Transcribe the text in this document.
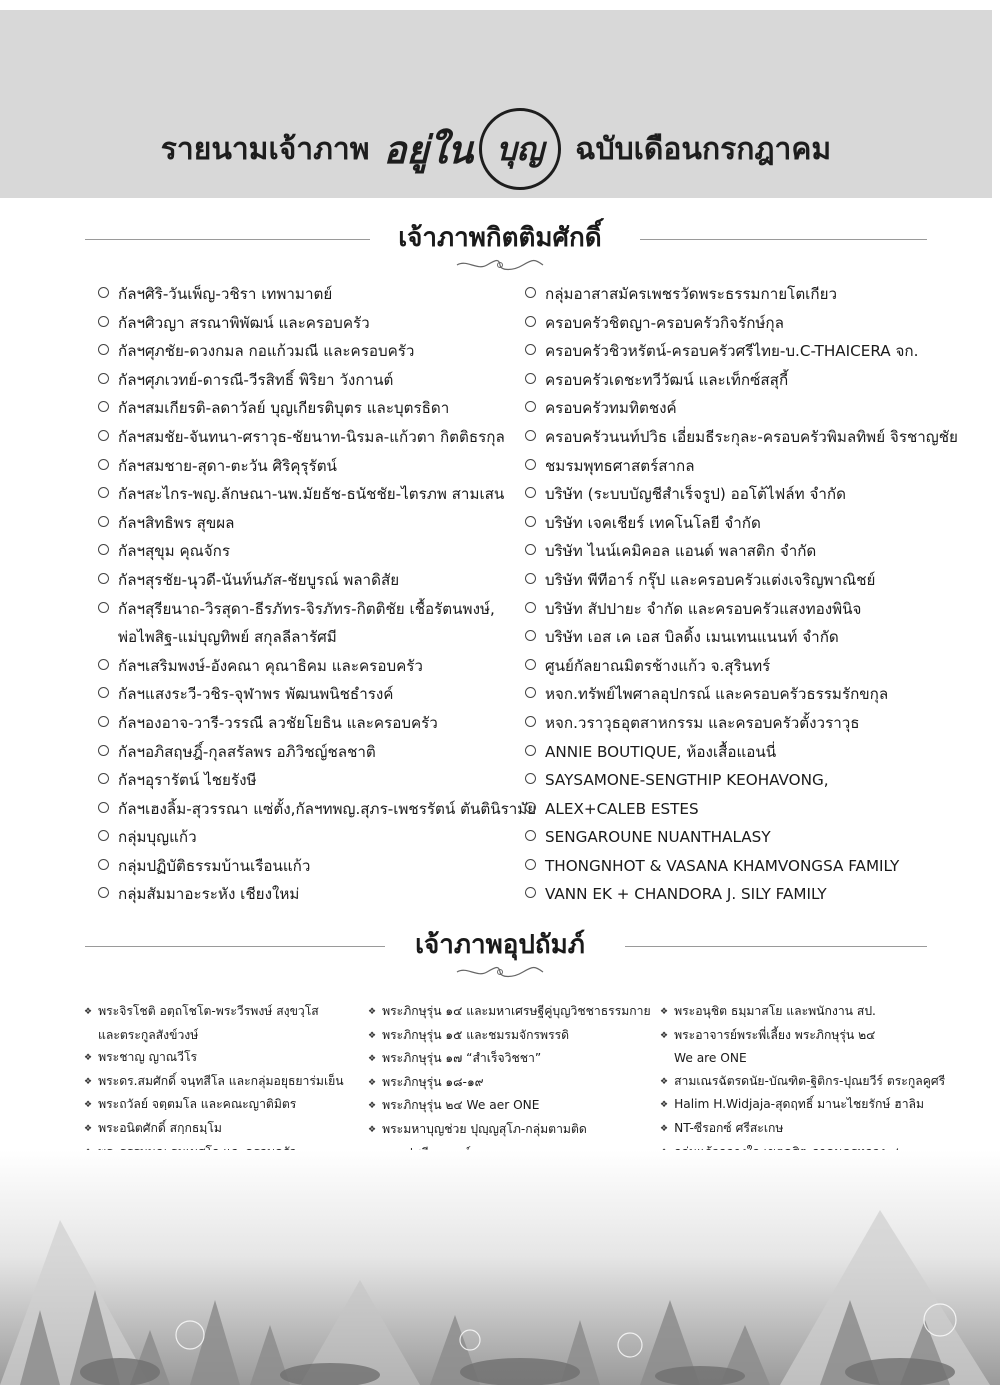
รายนามเจ้าภาพ อยู่ใน บุญ ฉบับเดือนกรกฎาคม
เจ้าภาพกิตติมศักดิ์
กัลฯศิริ-วันเพ็ญ-วชิรา เทพามาตย์
กัลฯศิวญา สรณาพิพัฒน์ และครอบครัว
กัลฯศุภชัย-ดวงกมล กอแก้วมณี และครอบครัว
กัลฯศุภเวทย์-ดารณี-วีรสิทธิ์ พิริยา วังกานต์
กัลฯสมเกียรติ-ลดาวัลย์ บุญเกียรติบุตร และบุตรธิดา
กัลฯสมชัย-จันทนา-ศราวุธ-ชัยนาท-นิรมล-แก้วตา กิตติธรกุล
กัลฯสมชาย-สุดา-ตะวัน ศิริคุรุรัตน์
กัลฯสะไกร-พญ.ลักษณา-นพ.มัยธัช-ธนัชชัย-ไตรภพ สามเสน
กัลฯสิทธิพร สุขผล
กัลฯสุขุม คุณจักร
กัลฯสุรชัย-นุวดี-นันท์นภัส-ชัยบูรณ์ พลาดิสัย
กัลฯสุรียนาถ-วิรสุดา-ธีรภัทร-จิรภัทร-กิตติชัย เชื้อรัตนพงษ์,
พ่อไพสิฐ-แม่บุญทิพย์ สกุลลีลารัศมี
กัลฯเสริมพงษ์-อังคณา คุณาธิคม และครอบครัว
กัลฯแสงระวี-วชิร-จุฬาพร พัฒนพนิชธำรงค์
กัลฯองอาจ-วารี-วรรณี ลวชัยโยธิน และครอบครัว
กัลฯอภิสฤษฎิ์-กุลสรัลพร อภิวิชญ์ชลชาติ
กัลฯอุรารัตน์ ไชยรังษี
กัลฯเฮงลิ้ม-สุวรรณา แซ่ตั้ง,กัลฯทพญ.สุภร-เพชรรัตน์ ตันตินิรามัย
กลุ่มบุญแก้ว
กลุ่มปฏิบัติธรรมบ้านเรือนแก้ว
กลุ่มสัมมาอะระหัง เชียงใหม่
กลุ่มอาสาสมัครเพชรวัดพระธรรมกายโตเกียว
ครอบครัวชิตญา-ครอบครัวกิจรักษ์กุล
ครอบครัวชิวหรัตน์-ครอบครัวศรีไทย-บ.C-THAICERA จก.
ครอบครัวเดชะทวีวัฒน์ และเท็กซ์สสุกี้
ครอบครัวทมทิตชงค์
ครอบครัวนนท์ปวิธ เอี่ยมธีระกุละ-ครอบครัวพิมลทิพย์ จิรชาญชัย
ชมรมพุทธศาสตร์สากล
บริษัท (ระบบบัญชีสำเร็จรูป) ออโต้ไฟล์ท จำกัด
บริษัท เจคเชียร์ เทคโนโลยี จำกัด
บริษัท ไนน์เคมิคอล แอนด์ พลาสติก จำกัด
บริษัท พีทีอาร์ กรุ๊ป และครอบครัวแต่งเจริญพาณิชย์
บริษัท สัปปายะ จำกัด และครอบครัวแสงทองพินิจ
บริษัท เอส เค เอส บิลดิ้ง เมนเทนแนนท์ จำกัด
ศูนย์กัลยาณมิตรช้างแก้ว จ.สุรินทร์
หจก.ทรัพย์ไพศาลอุปกรณ์ และครอบครัวธรรมรักขกุล
หจก.วราวุธอุตสาหกรรม และครอบครัวตั้งวราวุธ
ANNIE BOUTIQUE, ห้องเสื้อแอนนี่
SAYSAMONE-SENGTHIP KEOHAVONG,
ALEX+CALEB ESTES
SENGAROUNE NUANTHALASY
THONGNHOT & VASANA KHAMVONGSA FAMILY
VANN EK + CHANDORA J. SILY FAMILY
เจ้าภาพอุปถัมภ์
❖ พระจิรโชติ อตฺถโชโต-พระวีรพงษ์ สงฺขวฺโส
และตระกูลสังข์วงษ์
❖ พระชาญ ญาณวีโร
❖ พระดร.สมศักดิ์ จนฺทสีโล และกลุ่มอยุธยาร่มเย็น
❖ พระถวัลย์ จตฺตมโล และคณะญาติมิตร
❖ พระอนิตศักดิ์ สกฺกธมฺโม
❖ พระภิกษุรุ่น ๑๔ และมหาเศรษฐีคู่บุญวิชชาธรรมกาย
❖ พระภิกษุรุ่น ๑๕ และชมรมจักรพรรดิ
❖ พระภิกษุรุ่น ๑๗ “สำเร็จวิชชา”
❖ พระภิกษุรุ่น ๑๘-๑๙
❖ พระภิกษุรุ่น ๒๔ We aer ONE
❖ พระมหาบุญช่วย ปุญฺญสุโภ-กลุ่มตามติด
❖ พระอนุชิต ธมฺมาสโย และพนักงาน สป.
❖ พระอาจารย์พระพี่เลี้ยง พระภิกษุรุ่น ๒๔
We are ONE
❖ สามเณรฉัตรดนัย-บัณฑิต-ฐิติกร-ปุณยวีร์ ตระกูลคูศรี
❖ Halim H.Widjaja-สุดฤทธิ์ มานะไชยรักษ์ ฮาลิม
❖ NT-ซีรอกซ์ ศรีสะเกษ
